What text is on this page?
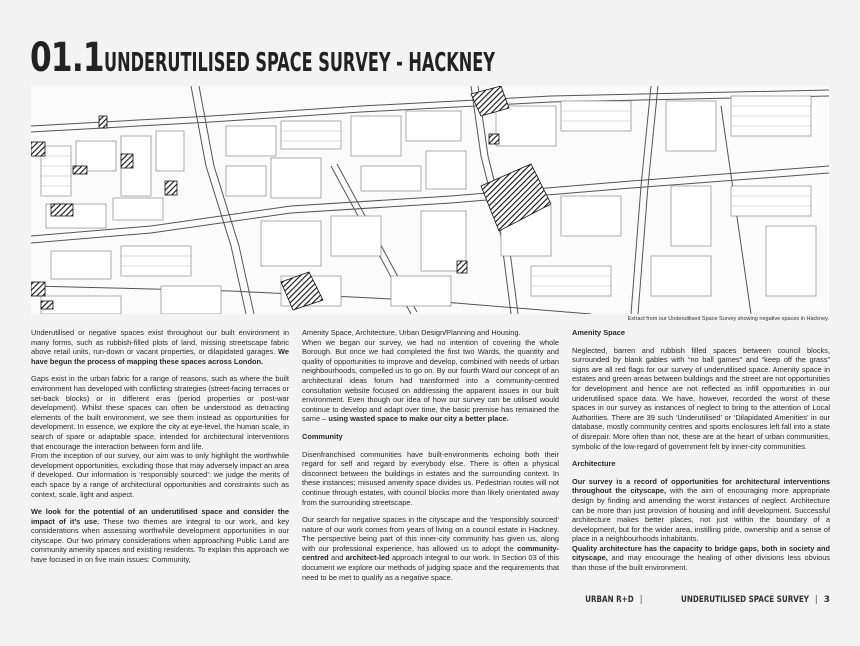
01.1 UNDERUTILISED SPACE SURVEY - HACKNEY
Extract from our Underutilised Space Survey showing negative spaces in Hackney.

Underutilised or negative spaces exist throughout our built environment in many forms, such as rubbish-filled plots of land, missing streetscape fabric above retail units, run-down or vacant properties, or dilapidated garages. We have begun the process of mapping these spaces across London.

Gaps exist in the urban fabric for a range of reasons, such as where the built environment has developed with conflicting strategies (street-facing terraces or set-back blocks) or in different eras (period properties or post-war development). Whilst these spaces can often be understood as detracting elements of the built environment, we see them instead as opportunities for development. In essence, we explore the city at eye-level, the human scale, in search of spare or adaptable space, intended for architectural interventions that encourage the interaction between form and life.

From the inception of our survey, our aim was to only highlight the worthwhile development opportunities, excluding those that may adversely impact an area if developed. Our information is ‘responsibly sourced’: we judge the merits of each space by a range of architectural opportunities and constraints such as context, scale, light and aspect.

We look for the potential of an underutilised space and consider the impact of it’s use. These two themes are integral to our work, and key considerations when assessing worthwhile development opportunities in our cityscape. Our two primary considerations when approaching Public Land are community amenity spaces and existing residents. To explain this approach we have focused in on five main issues: Community,

Amenity Space, Architecture, Urban Design/Planning and Housing.

When we began our survey, we had no intention of covering the whole Borough. But once we had completed the first two Wards, the quantity and quality of opportunities to improve and develop, combined with needs of urban neighbourhoods, compelled us to go on. By our fourth Ward our concept of an architectural ideas forum had transformed into a community-centred consultation website focused on addressing the apparent issues in our built environment. Even though our idea of how our survey can be utilised would continue to develop and adapt over time, the basic premise has remained the same – using wasted space to make our city a better place.

Community

Disenfranchised communities have built-environments echoing both their regard for self and regard by everybody else. There is often a physical disconnect between the buildings in estates and the surrounding context. In these instances; misused amenity space divides us. Pedestrian routes will not continue through estates, with council blocks more than likely orientated away from the surrounding streetscape.

Our search for negative spaces in the cityscape and the ‘responsibly sourced’ nature of our work comes from years of living on a council estate in Hackney. The perspective being part of this inner-city community has given us, along with our professional experience, has allowed us to adopt the community-centred and architect-led approach integral to our work. In Section 03 of this document we explore our methods of judging space and the requirements that need to be met to qualify as a negative space.

Amenity Space

Neglected, barren and rubbish filled spaces between council blocks, surrounded by blank gables with “no ball games” and “keep off the grass” signs are all red flags for our survey of underutilised space. Amenity space in estates and green areas between buildings and the street are not opportunities for development and hence are not reflected as infill opportunities in our underutilised space data. We have, however, recorded the worst of these spaces in our survey as instances of neglect to bring to the attention of Local Authorities. There are 39 such ‘Underutilised’ or ‘Dilapidated Amenities’ in our database, mostly community centres and sports enclosures left fall into a state of disrepair. More often than not, these are at the heart of urban communities, symbolic of the low-regard of government felt by inner-city communities.

Architecture

Our survey is a record of opportunities for architectural interventions throughout the cityscape, with the aim of encouraging more appropriate design by finding and amending the worst instances of neglect. Architecture can be more than just provision of housing and infill development. Successful architecture makes better places, not just within the boundary of a development, but for the wider area, instilling pride, ownership and a sense of place in a neighbourhoods inhabitants.

Quality architecture has the capacity to bridge gaps, both in society and cityscape, and may encourage the healing of other divisions less obvious than those of the built environment.

URBAN R+D |	UNDERUTILISED SPACE SURVEY | 3
